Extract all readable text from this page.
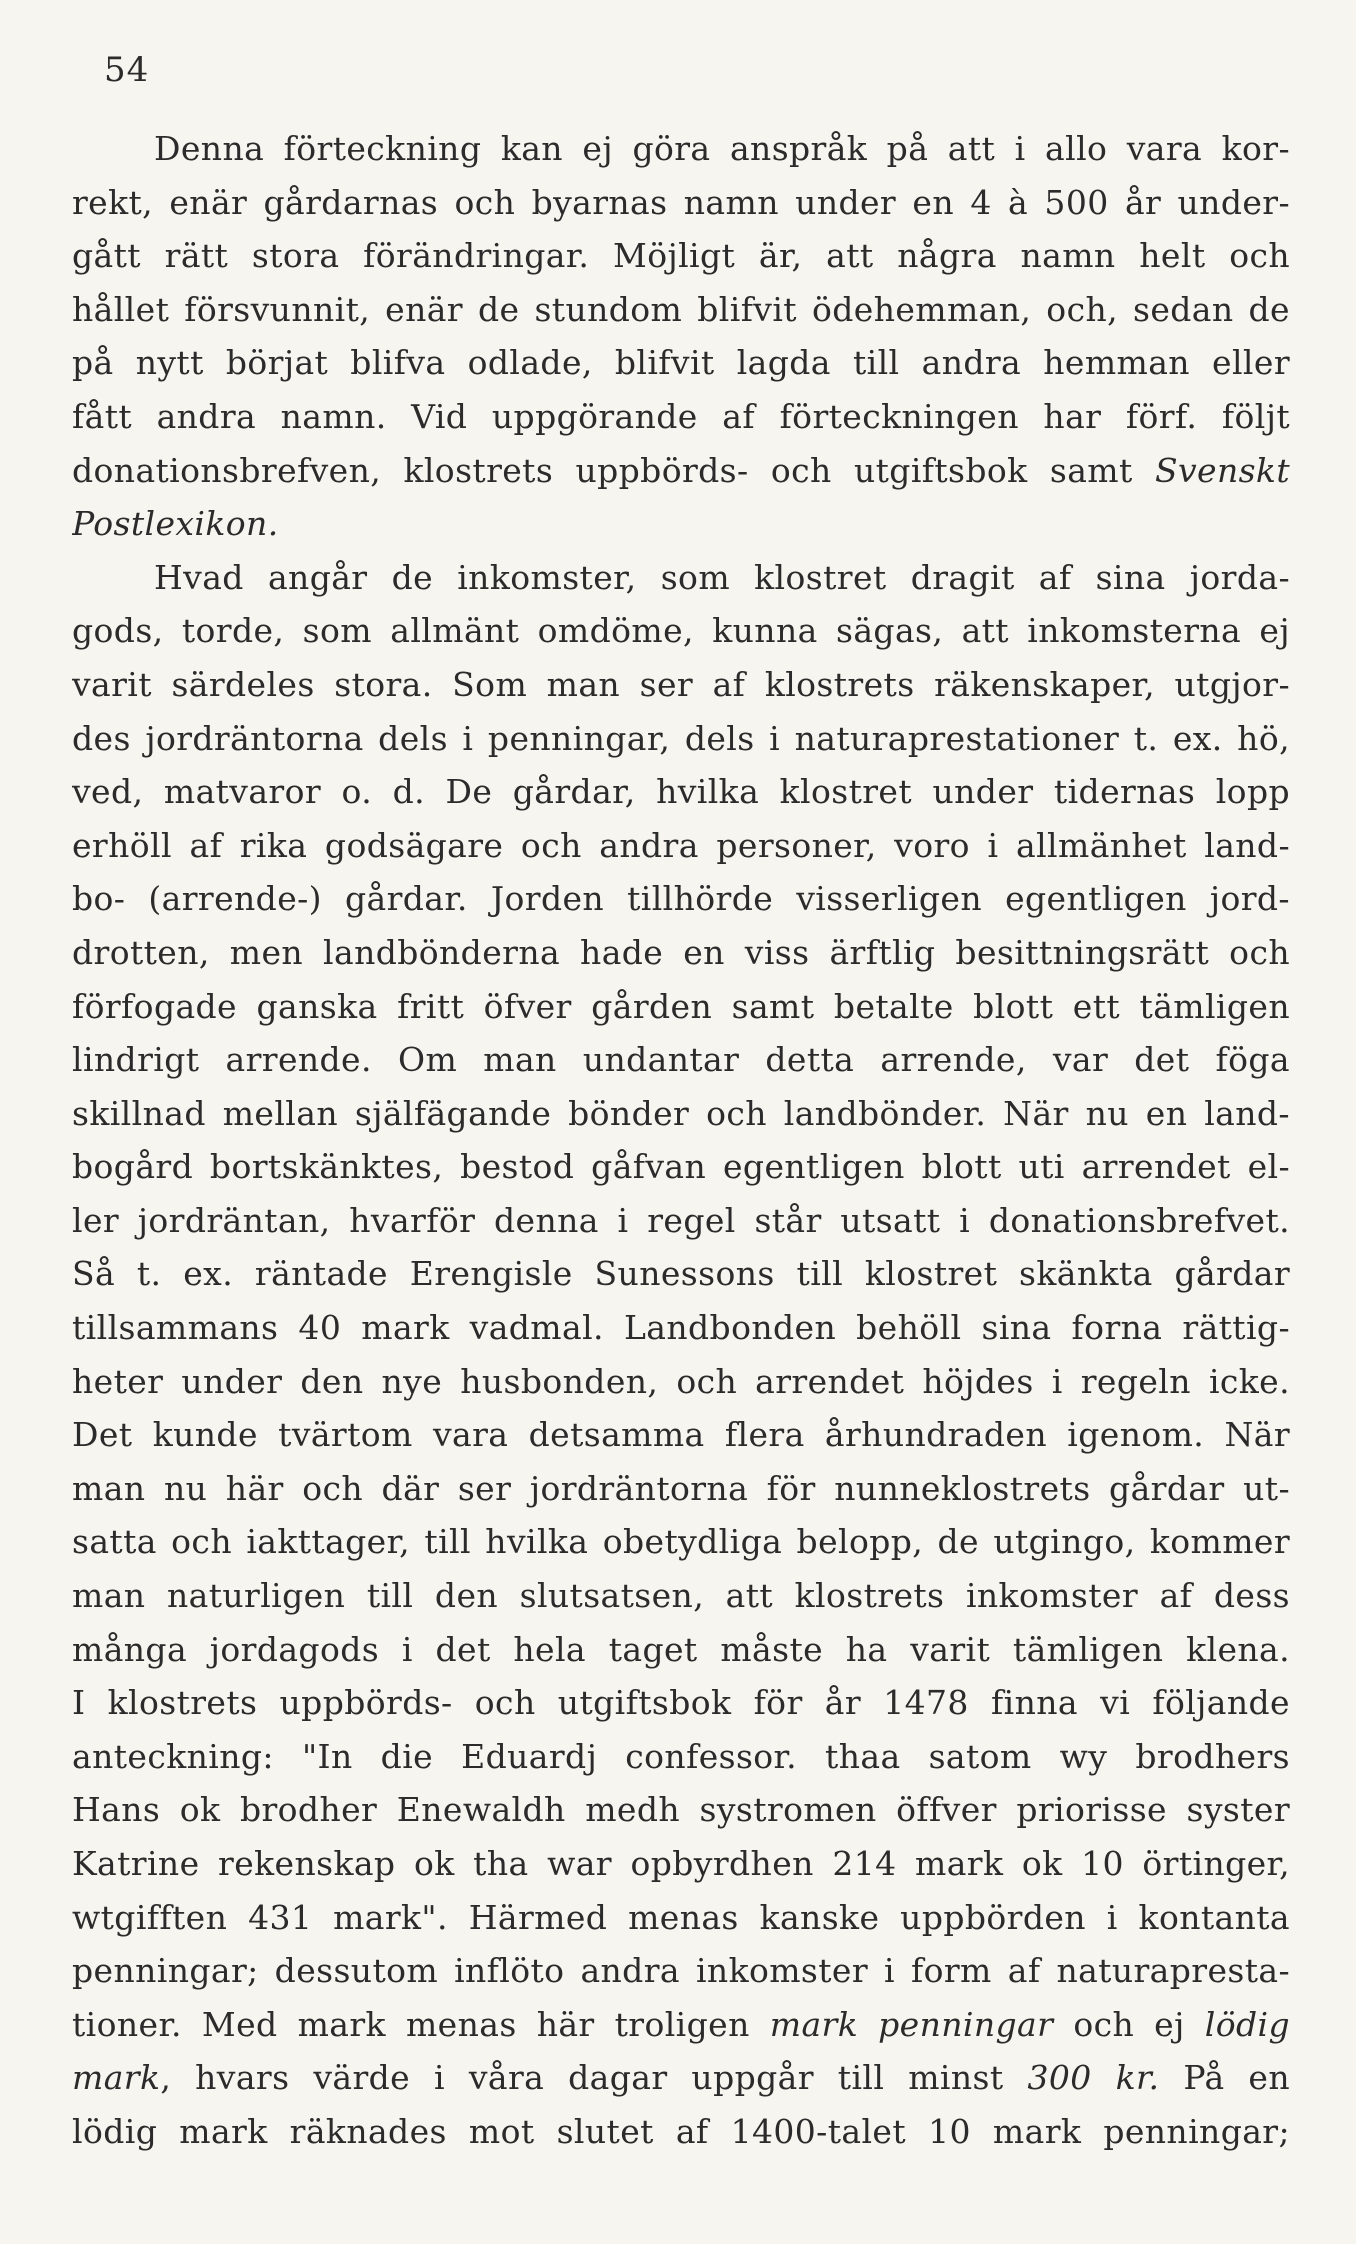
54
Denna förteckning kan ej göra anspråk på att i allo vara kor-
rekt, enär gårdarnas och byarnas namn under en 4 à 500 år under-
gått rätt stora förändringar. Möjligt är, att några namn helt och
hållet försvunnit, enär de stundom blifvit ödehemman, och, sedan de
på nytt börjat blifva odlade, blifvit lagda till andra hemman eller
fått andra namn. Vid uppgörande af förteckningen har förf. följt
donationsbrefven, klostrets uppbörds- och utgiftsbok samt Svenskt
Postlexikon.
Hvad angår de inkomster, som klostret dragit af sina jorda-
gods, torde, som allmänt omdöme, kunna sägas, att inkomsterna ej
varit särdeles stora. Som man ser af klostrets räkenskaper, utgjor-
des jordräntorna dels i penningar, dels i naturaprestationer t. ex. hö,
ved, matvaror o. d. De gårdar, hvilka klostret under tidernas lopp
erhöll af rika godsägare och andra personer, voro i allmänhet land-
bo- (arrende-) gårdar. Jorden tillhörde visserligen egentligen jord-
drotten, men landbönderna hade en viss ärftlig besittningsrätt och
förfogade ganska fritt öfver gården samt betalte blott ett tämligen
lindrigt arrende. Om man undantar detta arrende, var det föga
skillnad mellan själfägande bönder och landbönder. När nu en land-
bogård bortskänktes, bestod gåfvan egentligen blott uti arrendet el-
ler jordräntan, hvarför denna i regel står utsatt i donationsbrefvet.
Så t. ex. räntade Erengisle Sunessons till klostret skänkta gårdar
tillsammans 40 mark vadmal. Landbonden behöll sina forna rättig-
heter under den nye husbonden, och arrendet höjdes i regeln icke.
Det kunde tvärtom vara detsamma flera århundraden igenom. När
man nu här och där ser jordräntorna för nunneklostrets gårdar ut-
satta och iakttager, till hvilka obetydliga belopp, de utgingo, kommer
man naturligen till den slutsatsen, att klostrets inkomster af dess
många jordagods i det hela taget måste ha varit tämligen klena.
I klostrets uppbörds- och utgiftsbok för år 1478 finna vi följande
anteckning: "In die Eduardj confessor. thaa satom wy brodhers
Hans ok brodher Enewaldh medh systromen öffver priorisse syster
Katrine rekenskap ok tha war opbyrdhen 214 mark ok 10 örtinger,
wtgifften 431 mark". Härmed menas kanske uppbörden i kontanta
penningar; dessutom inflöto andra inkomster i form af naturapresta-
tioner. Med mark menas här troligen mark penningar och ej lödig
mark, hvars värde i våra dagar uppgår till minst 300 kr. På en
lödig mark räknades mot slutet af 1400-talet 10 mark penningar;
